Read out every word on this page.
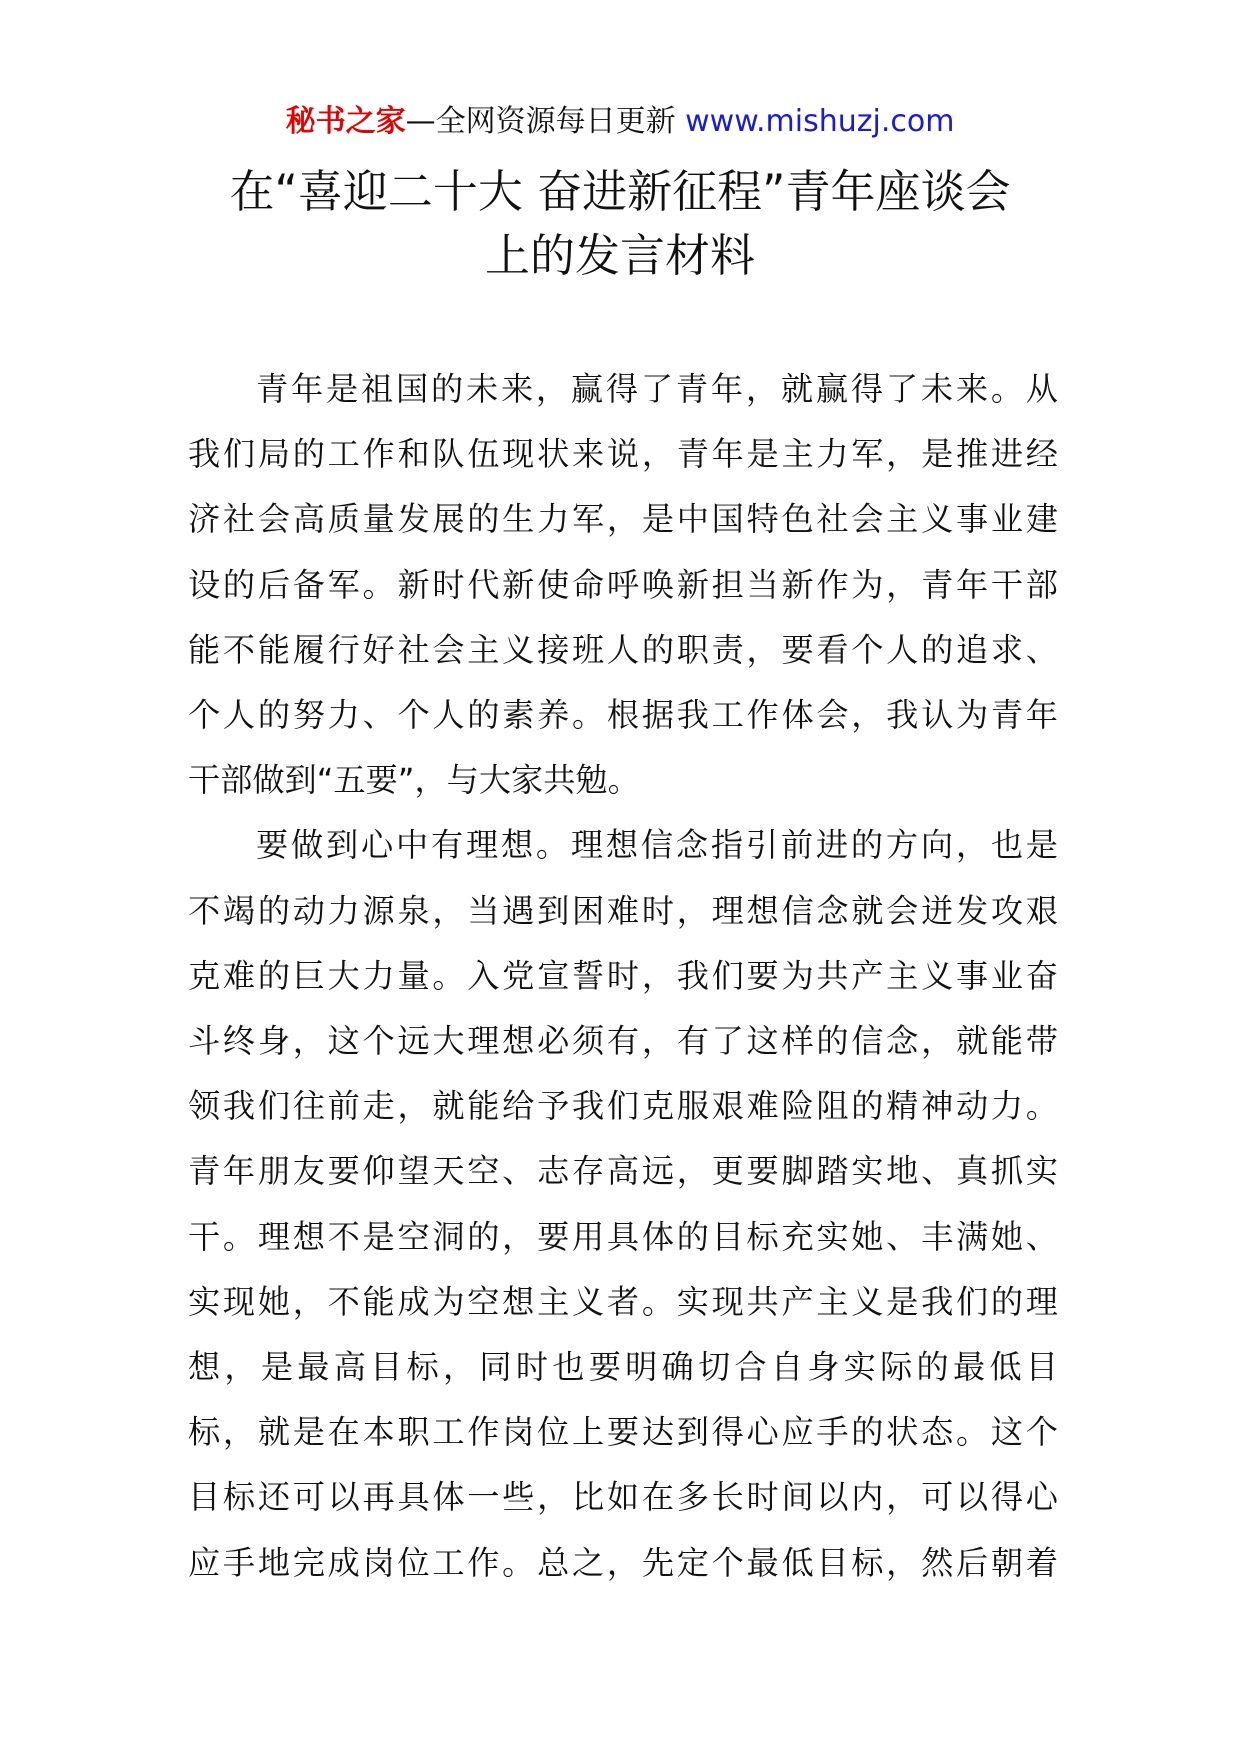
秘书之家—全网资源每日更新 www.mishuzj.com
在“喜迎二十大 奋进新征程”青年座谈会
上的发言材料

青年是祖国的未来，赢得了青年，就赢得了未来。从
我们局的工作和队伍现状来说，青年是主力军，是推进经
济社会高质量发展的生力军，是中国特色社会主义事业建
设的后备军。新时代新使命呼唤新担当新作为，青年干部
能不能履行好社会主义接班人的职责，要看个人的追求、
个人的努力、个人的素养。根据我工作体会，我认为青年
干部做到“五要”，与大家共勉。

要做到心中有理想。理想信念指引前进的方向，也是
不竭的动力源泉，当遇到困难时，理想信念就会迸发攻艰
克难的巨大力量。入党宣誓时，我们要为共产主义事业奋
斗终身，这个远大理想必须有，有了这样的信念，就能带
领我们往前走，就能给予我们克服艰难险阻的精神动力。
青年朋友要仰望天空、志存高远，更要脚踏实地、真抓实
干。理想不是空洞的，要用具体的目标充实她、丰满她、
实现她，不能成为空想主义者。实现共产主义是我们的理
想，是最高目标，同时也要明确切合自身实际的最低目
标，就是在本职工作岗位上要达到得心应手的状态。这个
目标还可以再具体一些，比如在多长时间以内，可以得心
应手地完成岗位工作。总之，先定个最低目标，然后朝着
